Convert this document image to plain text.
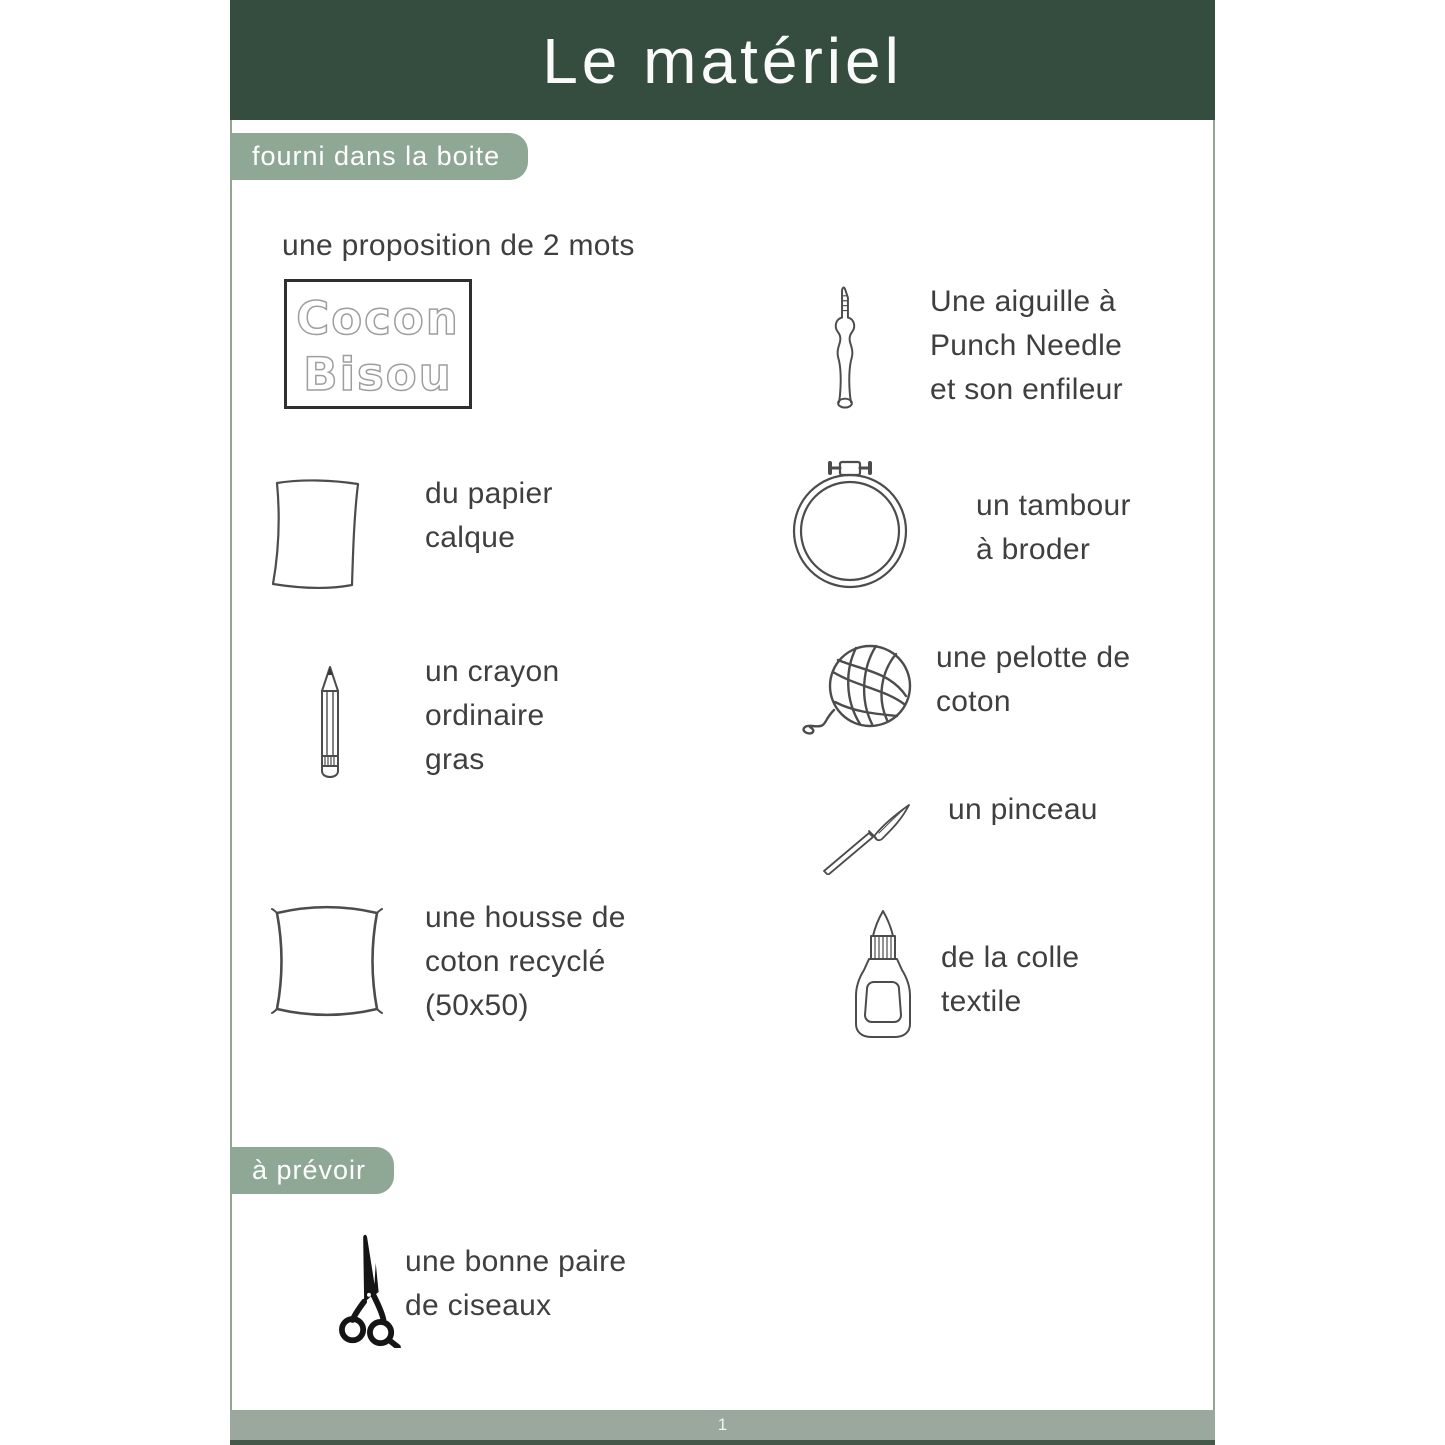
Le matériel
fourni dans la boite
une proposition de 2 mots
Cocon
Bisou
Une aiguille à
Punch Needle
et son enfileur
du papier
calque
un tambour
à broder
un crayon
ordinaire
gras
une pelotte de
coton
un pinceau
une housse de
coton recyclé
(50x50)
de la colle
textile
à prévoir
une bonne paire
de ciseaux
1
